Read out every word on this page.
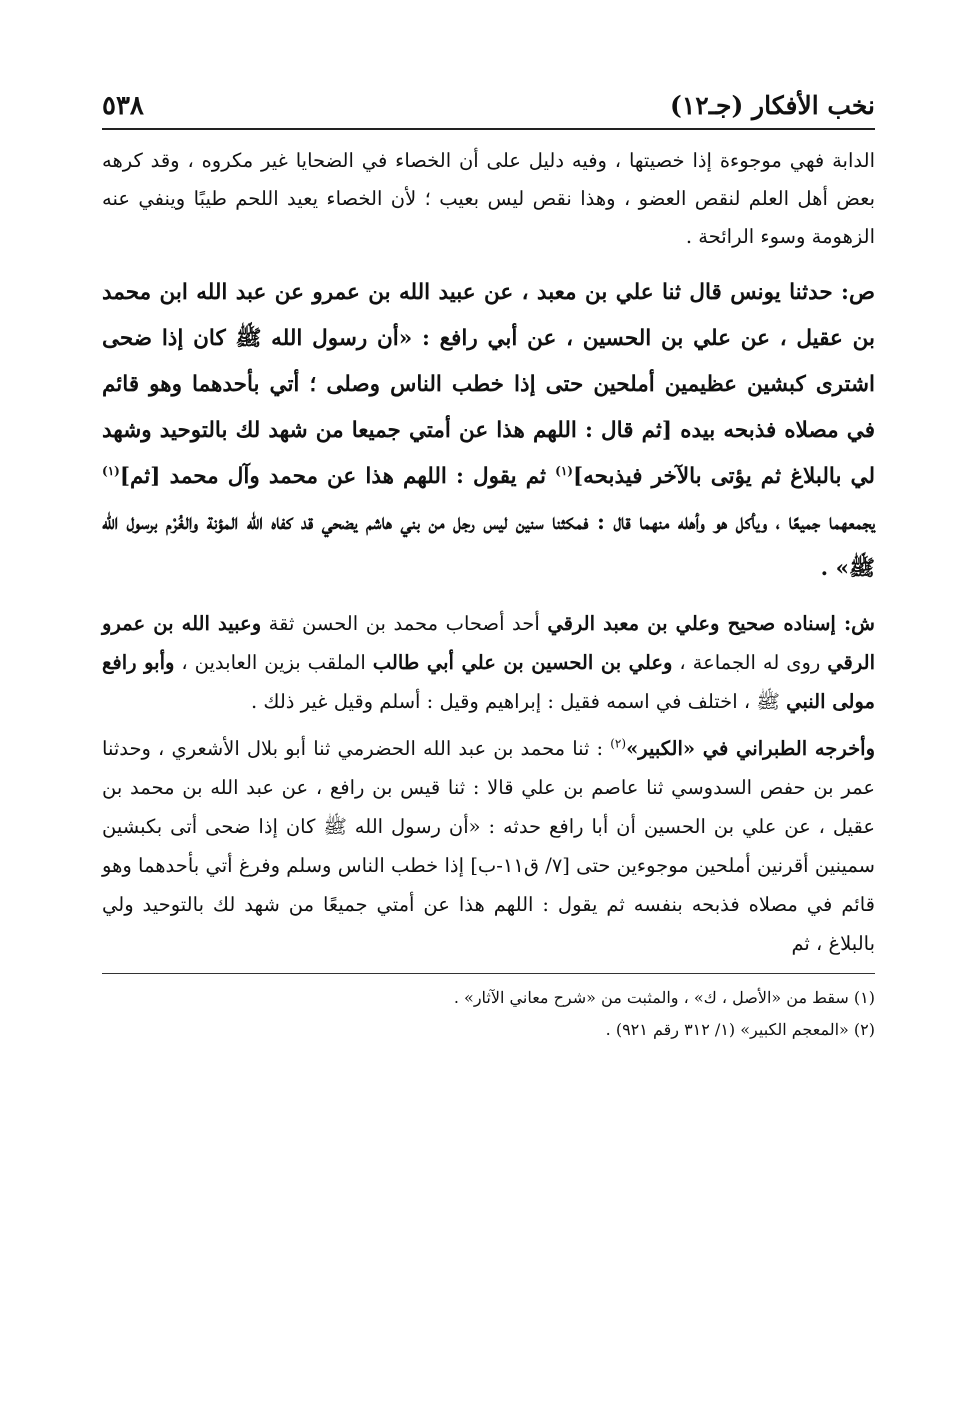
نخب الأفكار (جـ١٢)
٥٣٨

الدابة فهي موجوءة إذا خصيتها ، وفيه دليل على أن الخصاء في الضحايا غير مكروه ، وقد كرهه بعض أهل العلم لنقص العضو ، وهذا نقص ليس بعيب ؛ لأن الخصاء يعيد اللحم طيبًا وينفي عنه الزهومة وسوء الرائحة .

ص: حدثنا يونس قال ثنا علي بن معبد ، عن عبيد الله بن عمرو عن عبد الله ابن محمد بن عقيل ، عن علي بن الحسين ، عن أبي رافع : «أن رسول الله ﷺ كان إذا ضحى اشترى كبشين عظيمين أملحين حتى إذا خطب الناس وصلى ؛ أتي بأحدهما وهو قائم في مصلاه فذبحه بيده [ثم قال : اللهم هذا عن أمتي جميعا من شهد لك بالتوحيد وشهد لي بالبلاغ ثم يؤتى بالآخر فيذبحه]$^{(١)}$ ثم يقول : اللهم هذا عن محمد وآل محمد [ثم]$^{(١)}$ يجمعهما جميعًا ، ويأكل هو وأهله منهما قال : فمكثنا سنين ليس رجل من بني هاشم يضحي قد كفاه الله المؤنة والغُرْم برسول الله ﷺ» .

ش: إسناده صحيح وعلي بن معبد الرقي أحد أصحاب محمد بن الحسن ثقة وعبيد الله بن عمرو الرقي روى له الجماعة ، وعلي بن الحسين بن علي أبي طالب الملقب بزين العابدين ، وأبو رافع مولى النبي ﷺ ، اختلف في اسمه فقيل : إبراهيم وقيل : أسلم وقيل غير ذلك .

وأخرجه الطبراني في «الكبير»$^{(٢)}$ : ثنا محمد بن عبد الله الحضرمي ثنا أبو بلال الأشعري ، وحدثنا عمر بن حفص السدوسي ثنا عاصم بن علي قالا : ثنا قيس بن رافع ، عن عبد الله بن محمد بن عقيل ، عن علي بن الحسين أن أبا رافع حدثه : «أن رسول الله ﷺ كان إذا ضحى أتى بكبشين سمينين أقرنين أملحين موجوءين حتى [٧/ ق١١-ب] إذا خطب الناس وسلم وفرغ أتي بأحدهما وهو قائم في مصلاه فذبحه بنفسه ثم يقول : اللهم هذا عن أمتي جميعًا من شهد لك بالتوحيد ولي بالبلاغ ، ثم

(١) سقط من «الأصل ، ك» ، والمثبت من «شرح معاني الآثار» .

(٢) «المعجم الكبير» (١/ ٣١٢ رقم ٩٢١) .
